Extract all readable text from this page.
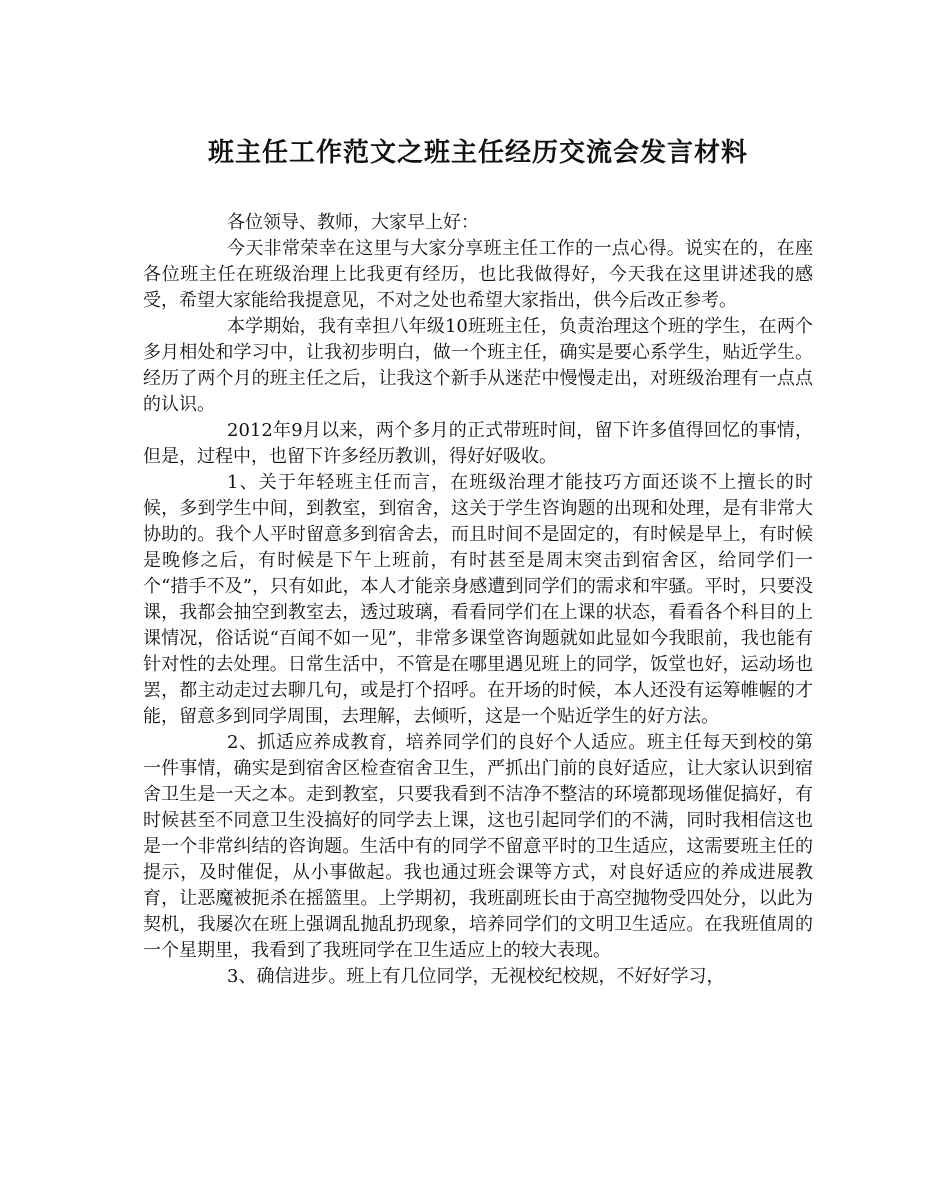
班主任工作范文之班主任经历交流会发言材料

各位领导、教师，大家早上好：

今天非常荣幸在这里与大家分享班主任工作的一点心得。说实在的，在座各位班主任在班级治理上比我更有经历，也比我做得好，今天我在这里讲述我的感受，希望大家能给我提意见，不对之处也希望大家指出，供今后改正参考。

本学期始，我有幸担八年级10班班主任，负责治理这个班的学生，在两个多月相处和学习中，让我初步明白，做一个班主任，确实是要心系学生，贴近学生。经历了两个月的班主任之后，让我这个新手从迷茫中慢慢走出，对班级治理有一点点的认识。

2012年9月以来，两个多月的正式带班时间，留下许多值得回忆的事情，但是，过程中，也留下许多经历教训，得好好吸收。

1、关于年轻班主任而言，在班级治理才能技巧方面还谈不上擅长的时候，多到学生中间，到教室，到宿舍，这关于学生咨询题的出现和处理，是有非常大协助的。我个人平时留意多到宿舍去，而且时间不是固定的，有时候是早上，有时候是晚修之后，有时候是下午上班前，有时甚至是周末突击到宿舍区，给同学们一个“措手不及”，只有如此，本人才能亲身感遭到同学们的需求和牢骚。平时，只要没课，我都会抽空到教室去，透过玻璃，看看同学们在上课的状态，看看各个科目的上课情况，俗话说“百闻不如一见”，非常多课堂咨询题就如此显如今我眼前，我也能有针对性的去处理。日常生活中，不管是在哪里遇见班上的同学，饭堂也好，运动场也罢，都主动走过去聊几句，或是打个招呼。在开场的时候，本人还没有运筹帷幄的才能，留意多到同学周围，去理解，去倾听，这是一个贴近学生的好方法。

2、抓适应养成教育，培养同学们的良好个人适应。班主任每天到校的第一件事情，确实是到宿舍区检查宿舍卫生，严抓出门前的良好适应，让大家认识到宿舍卫生是一天之本。走到教室，只要我看到不洁净不整洁的环境都现场催促搞好，有时候甚至不同意卫生没搞好的同学去上课，这也引起同学们的不满，同时我相信这也是一个非常纠结的咨询题。生活中有的同学不留意平时的卫生适应，这需要班主任的提示，及时催促，从小事做起。我也通过班会课等方式，对良好适应的养成进展教育，让恶魔被扼杀在摇篮里。上学期初，我班副班长由于高空抛物受四处分，以此为契机，我屡次在班上强调乱抛乱扔现象，培养同学们的文明卫生适应。在我班值周的一个星期里，我看到了我班同学在卫生适应上的较大表现。

3、确信进步。班上有几位同学，无视校纪校规，不好好学习，
